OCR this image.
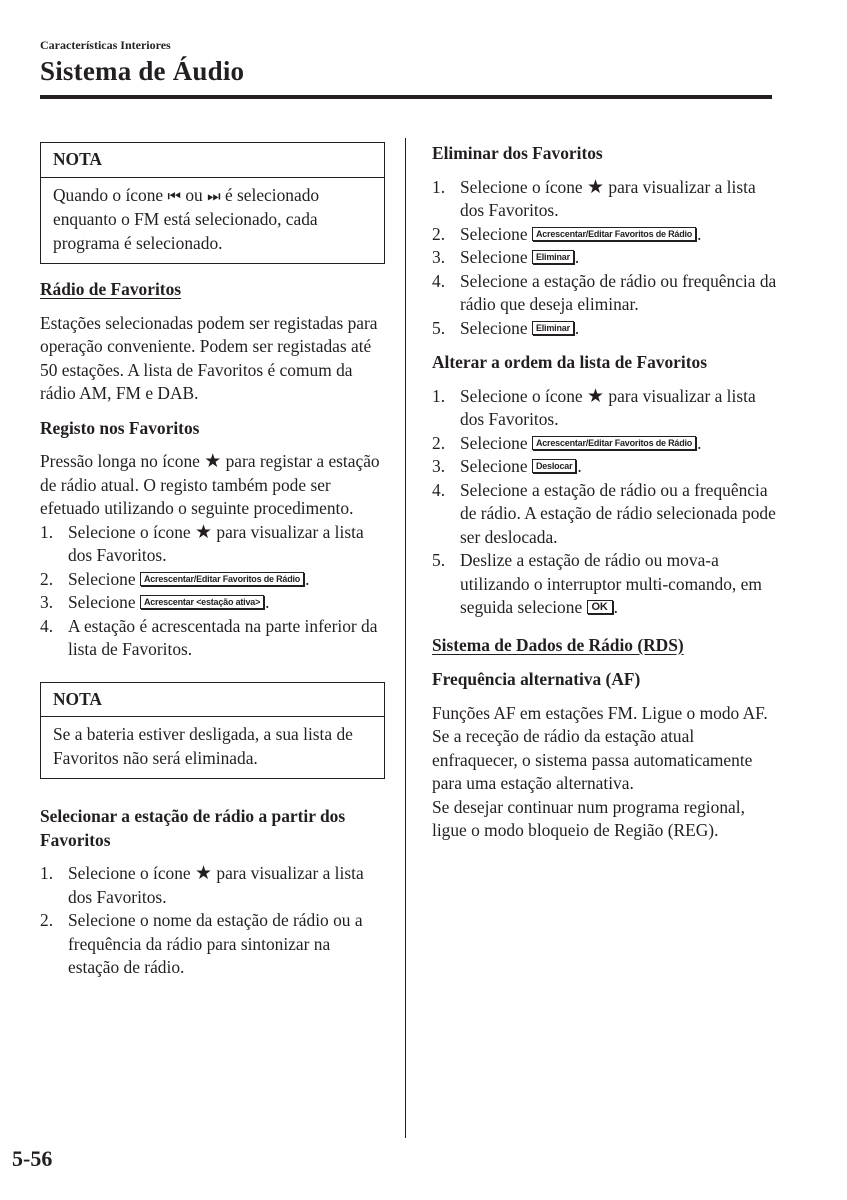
Características Interiores
Sistema de Áudio
NOTA
Quando o ícone ⏮ ou ⏭ é selecionado enquanto o FM está selecionado, cada programa é selecionado.
Rádio de Favoritos

Estações selecionadas podem ser registadas para operação conveniente. Podem ser registadas até 50 estações. A lista de Favoritos é comum da rádio AM, FM e DAB.

Registo nos Favoritos

Pressão longa no ícone ★ para registar a estação de rádio atual. O registo também pode ser efetuado utilizando o seguinte procedimento.

1. Selecione o ícone ★ para visualizar a lista dos Favoritos.
2. Selecione Acrescentar/Editar Favoritos de Rádio .
3. Selecione Acrescentar <estação ativa> .
4. A estação é acrescentada na parte inferior da lista de Favoritos.
NOTA
Se a bateria estiver desligada, a sua lista de Favoritos não será eliminada.
Selecionar a estação de rádio a partir dos Favoritos
1. Selecione o ícone ★ para visualizar a lista dos Favoritos.
2. Selecione o nome da estação de rádio ou a frequência da rádio para sintonizar na estação de rádio.
Eliminar dos Favoritos
1. Selecione o ícone ★ para visualizar a lista dos Favoritos.
2. Selecione Acrescentar/Editar Favoritos de Rádio .
3. Selecione Eliminar .
4. Selecione a estação de rádio ou frequência da rádio que deseja eliminar.
5. Selecione Eliminar .
Alterar a ordem da lista de Favoritos
1. Selecione o ícone ★ para visualizar a lista dos Favoritos.
2. Selecione Acrescentar/Editar Favoritos de Rádio .
3. Selecione Deslocar .
4. Selecione a estação de rádio ou a frequência de rádio. A estação de rádio selecionada pode ser deslocada.
5. Deslize a estação de rádio ou mova-a utilizando o interruptor multi-comando, em seguida selecione OK .
Sistema de Dados de Rádio (RDS)
Frequência alternativa (AF)

Funções AF em estações FM. Ligue o modo AF. Se a receção de rádio da estação atual enfraquecer, o sistema passa automaticamente para uma estação alternativa.

Se desejar continuar num programa regional, ligue o modo bloqueio de Região (REG).

5-56
